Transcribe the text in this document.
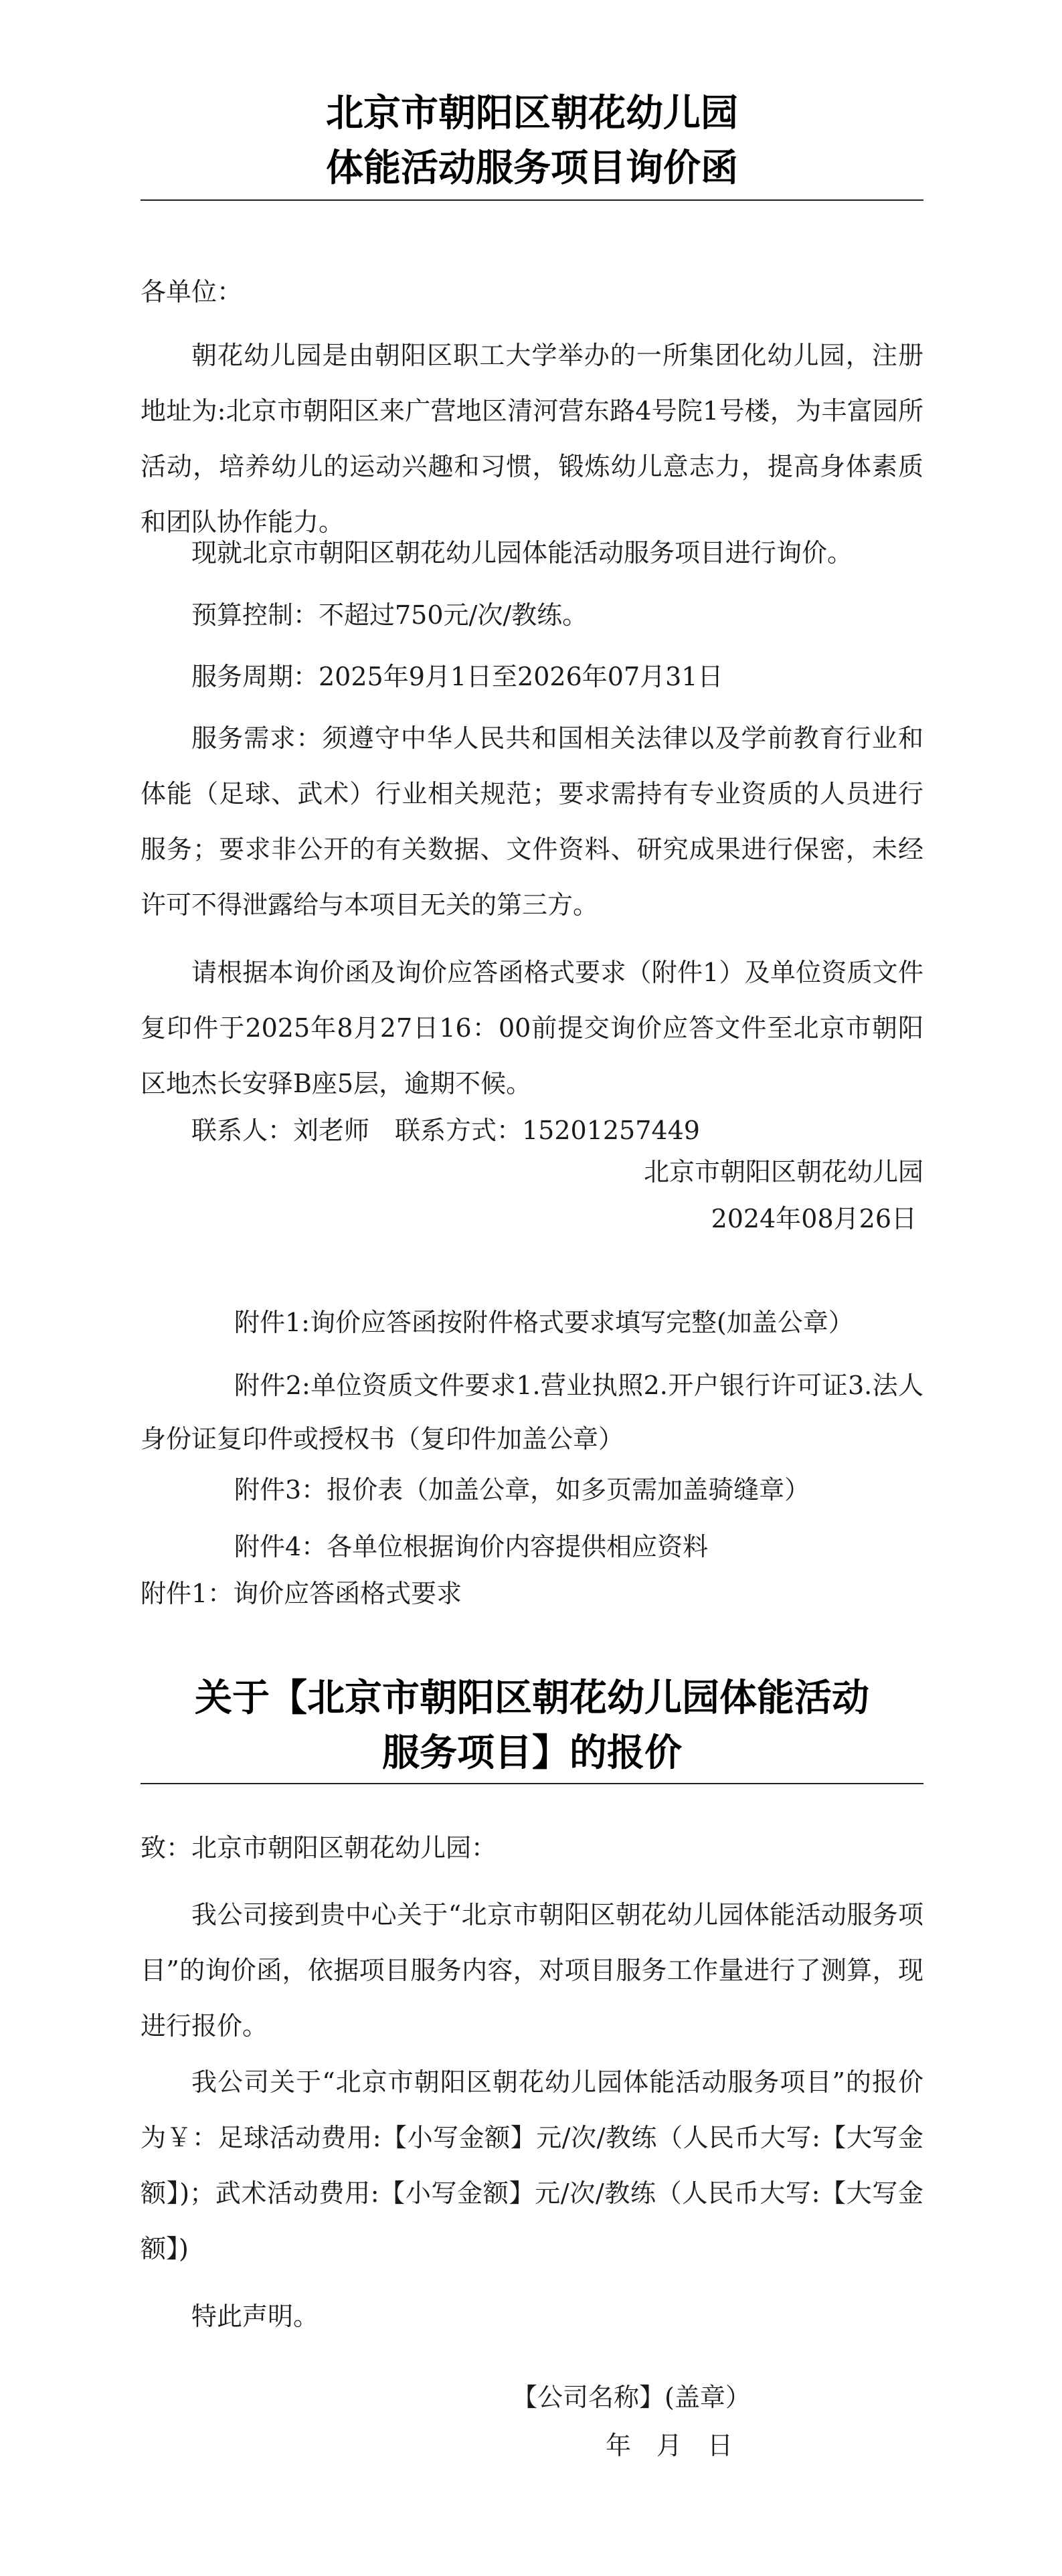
北京市朝阳区朝花幼儿园
体能活动服务项目询价函

各单位：

朝花幼儿园是由朝阳区职工大学举办的一所集团化幼儿园，注册地址为:北京市朝阳区来广营地区清河营东路4号院1号楼，为丰富园所活动，培养幼儿的运动兴趣和习惯，锻炼幼儿意志力，提高身体素质和团队协作能力。

现就北京市朝阳区朝花幼儿园体能活动服务项目进行询价。

预算控制：不超过750元/次/教练。

服务周期：2025年9月1日至2026年07月31日

服务需求：须遵守中华人民共和国相关法律以及学前教育行业和体能（足球、武术）行业相关规范；要求需持有专业资质的人员进行服务；要求非公开的有关数据、文件资料、研究成果进行保密，未经许可不得泄露给与本项目无关的第三方。

请根据本询价函及询价应答函格式要求（附件1）及单位资质文件复印件于2025年8月27日16：00前提交询价应答文件至北京市朝阳区地杰长安驿B座5层，逾期不候。

联系人：刘老师　联系方式：15201257449

北京市朝阳区朝花幼儿园

2024年08月26日

附件1:询价应答函按附件格式要求填写完整(加盖公章）

附件2:单位资质文件要求1.营业执照2.开户银行许可证3.法人身份证复印件或授权书（复印件加盖公章）

附件3：报价表（加盖公章，如多页需加盖骑缝章）

附件4：各单位根据询价内容提供相应资料

附件1：询价应答函格式要求

关于【北京市朝阳区朝花幼儿园体能活动
服务项目】的报价

致：北京市朝阳区朝花幼儿园：

我公司接到贵中心关于“北京市朝阳区朝花幼儿园体能活动服务项目”的询价函，依据项目服务内容，对项目服务工作量进行了测算，现进行报价。

我公司关于“北京市朝阳区朝花幼儿园体能活动服务项目”的报价为￥：足球活动费用:【小写金额】元/次/教练（人民币大写:【大写金额】)；武术活动费用:【小写金额】元/次/教练（人民币大写:【大写金额】)

特此声明。

【公司名称】(盖章）

年　月　日
